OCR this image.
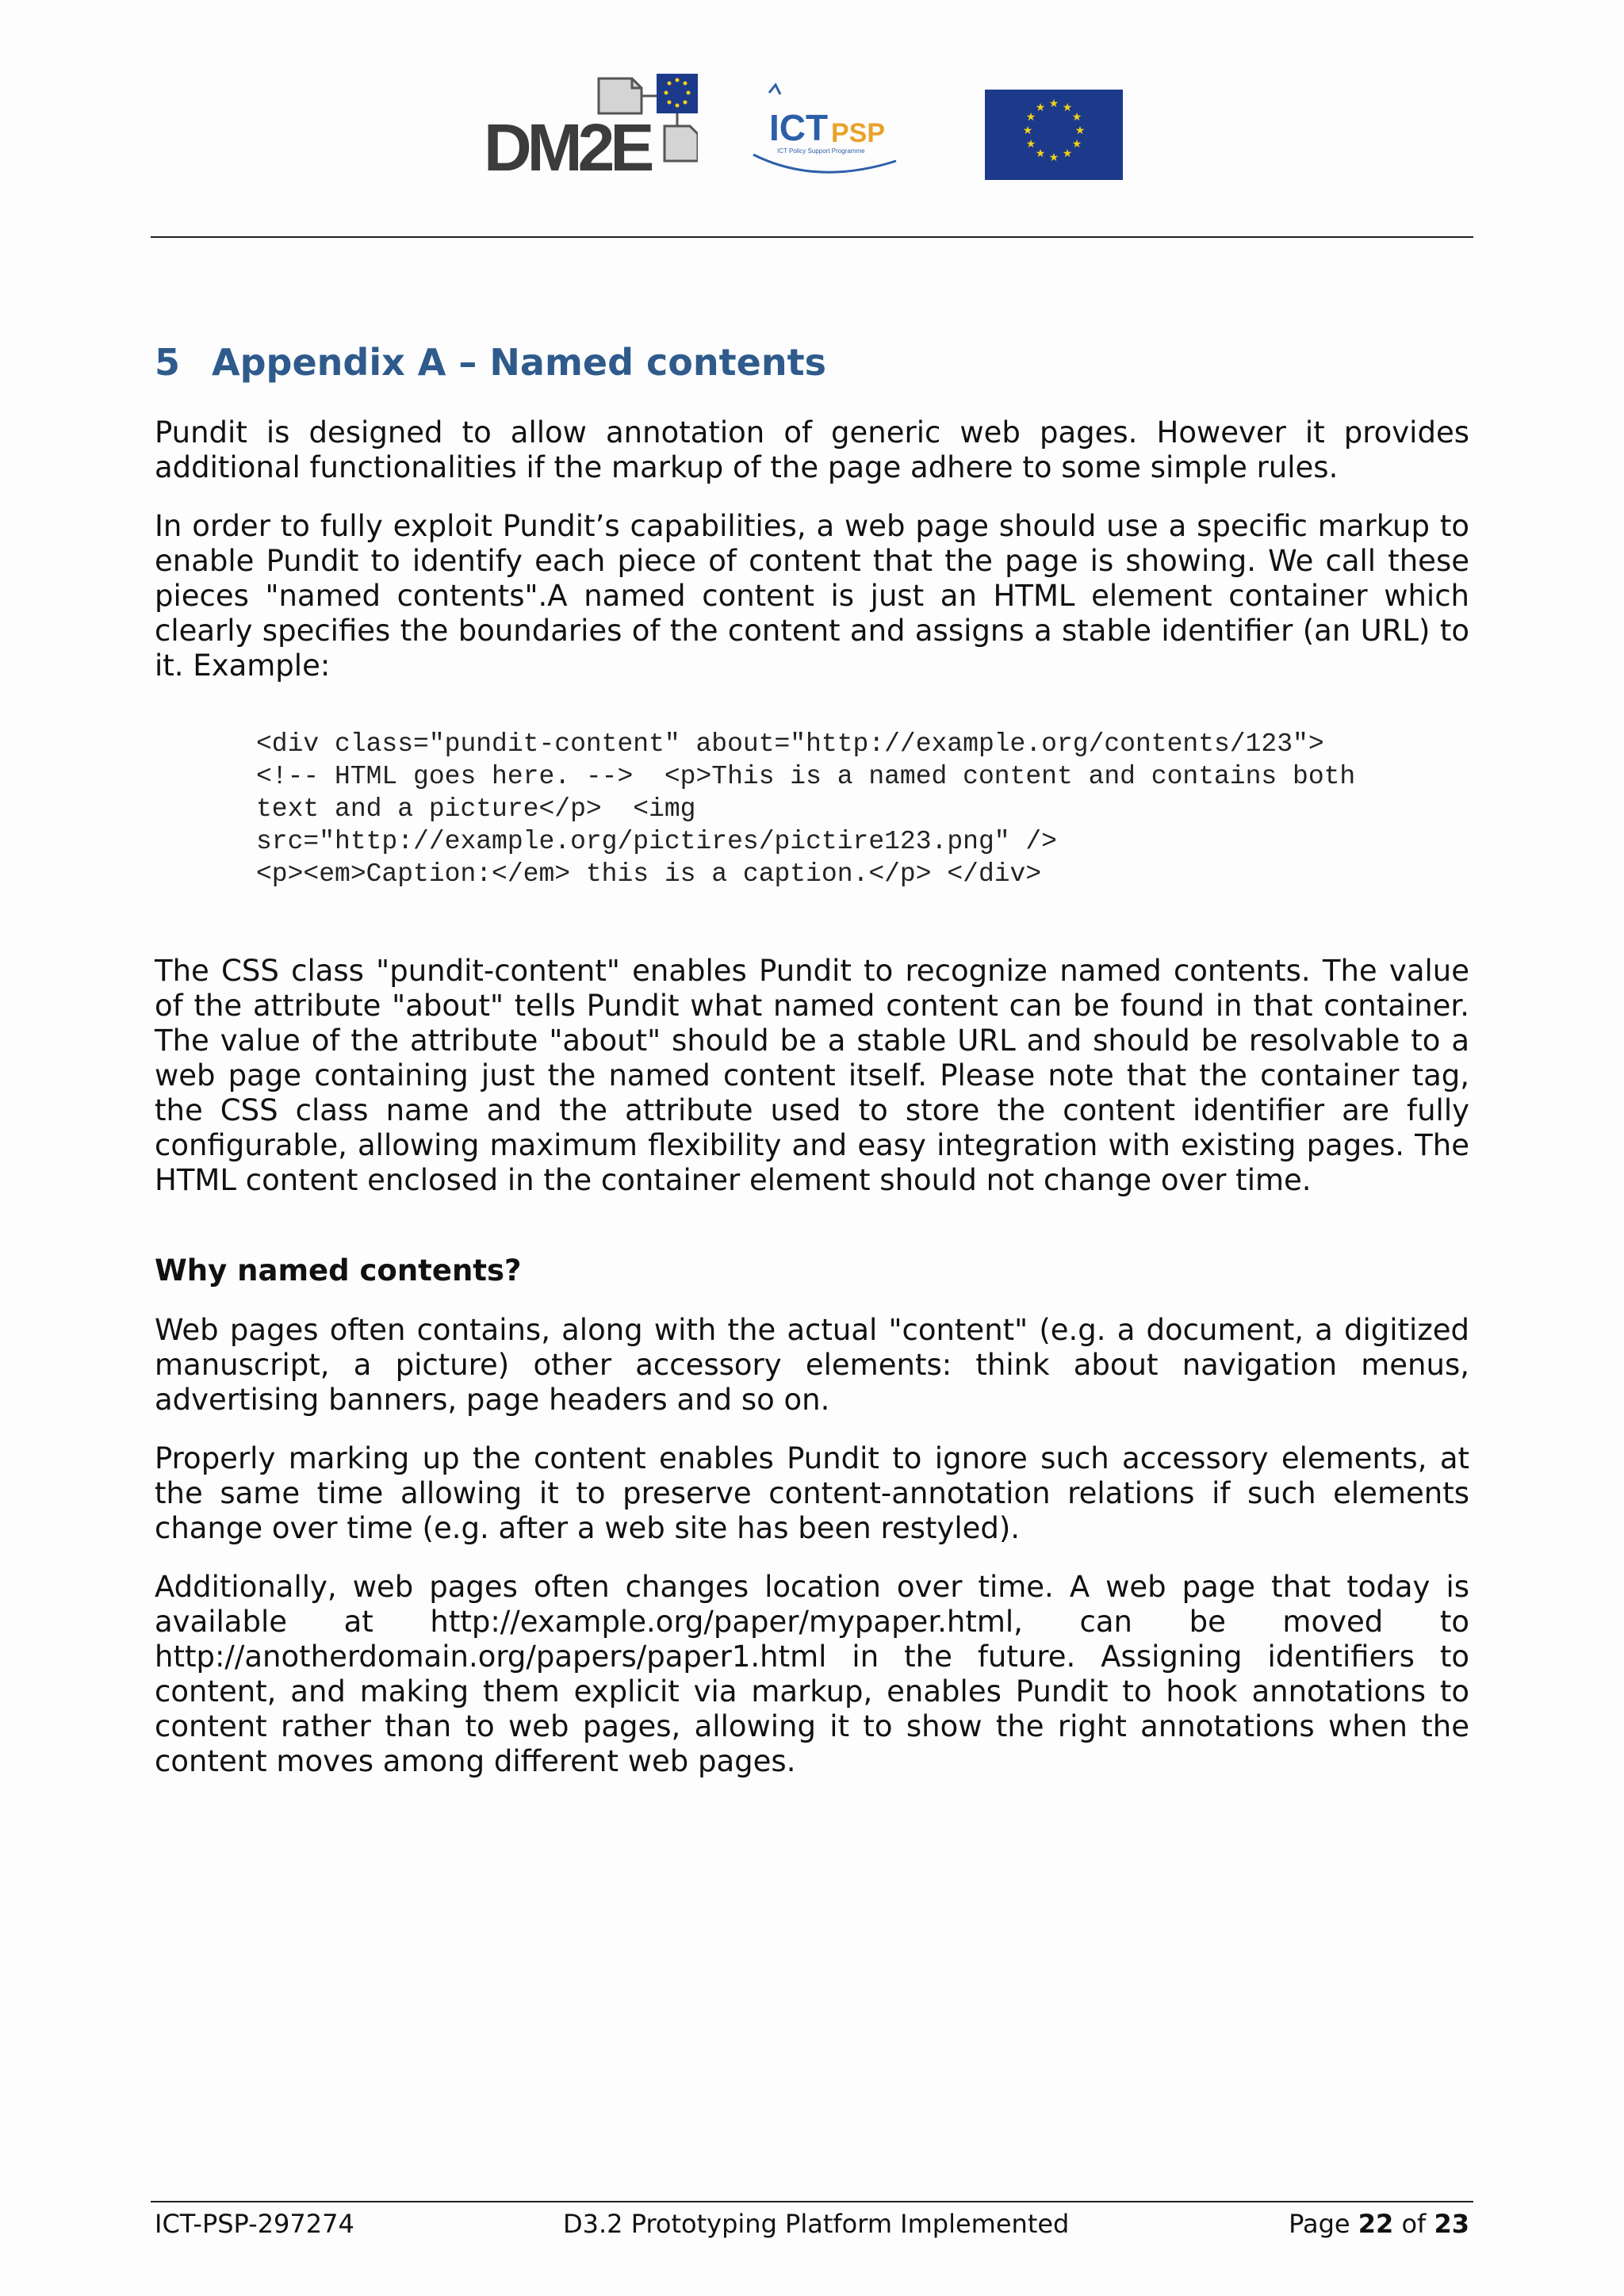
DM2E	ICT PSP
ICT Policy Support Programme
★ ★
★
★
★
★
★
★
★
★
★
★
5 Appendix A – Named contents

Pundit is designed to allow annotation of generic web pages. However it provides additional functionalities if the markup of the page adhere to some simple rules.

In order to fully exploit Pundit’s capabilities, a web page should use a specific markup to enable Pundit to identify each piece of content that the page is showing. We call these pieces "named contents".A named content is just an HTML element container which clearly specifies the boundaries of the content and assigns a stable identifier (an URL) to it. Example:

<div class="pundit-content" about="http://example.org/contents/123">
<!-- HTML goes here. -->  <p>This is a named content and contains both
text and a picture</p>  <img
src="http://example.org/pictires/pictire123.png" />
<p><em>Caption:</em> this is a caption.</p> </div>

The CSS class "pundit-content" enables Pundit to recognize named contents. The value of the attribute "about" tells Pundit what named content can be found in that container. The value of the attribute "about" should be a stable URL and should be resolvable to a web page containing just the named content itself. Please note that the container tag, the CSS class name and the attribute used to store the content identifier are fully configurable, allowing maximum flexibility and easy integration with existing pages. The HTML content enclosed in the container element should not change over time.

Why named contents?

Web pages often contains, along with the actual "content" (e.g. a document, a digitized manuscript, a picture) other accessory elements: think about navigation menus, advertising banners, page headers and so on.

Properly marking up the content enables Pundit to ignore such accessory elements, at the same time allowing it to preserve content-annotation relations if such elements change over time (e.g. after a web site has been restyled).

Additionally, web pages often changes location over time. A web page that today is available at http://example.org/paper/mypaper.html, can be moved to http://anotherdomain.org/papers/paper1.html in the future. Assigning identifiers to content, and making them explicit via markup, enables Pundit to hook annotations to content rather than to web pages, allowing it to show the right annotations when the content moves among different web pages.

ICT-PSP-297274	D3.2 Prototyping Platform Implemented	Page 22 of 23
